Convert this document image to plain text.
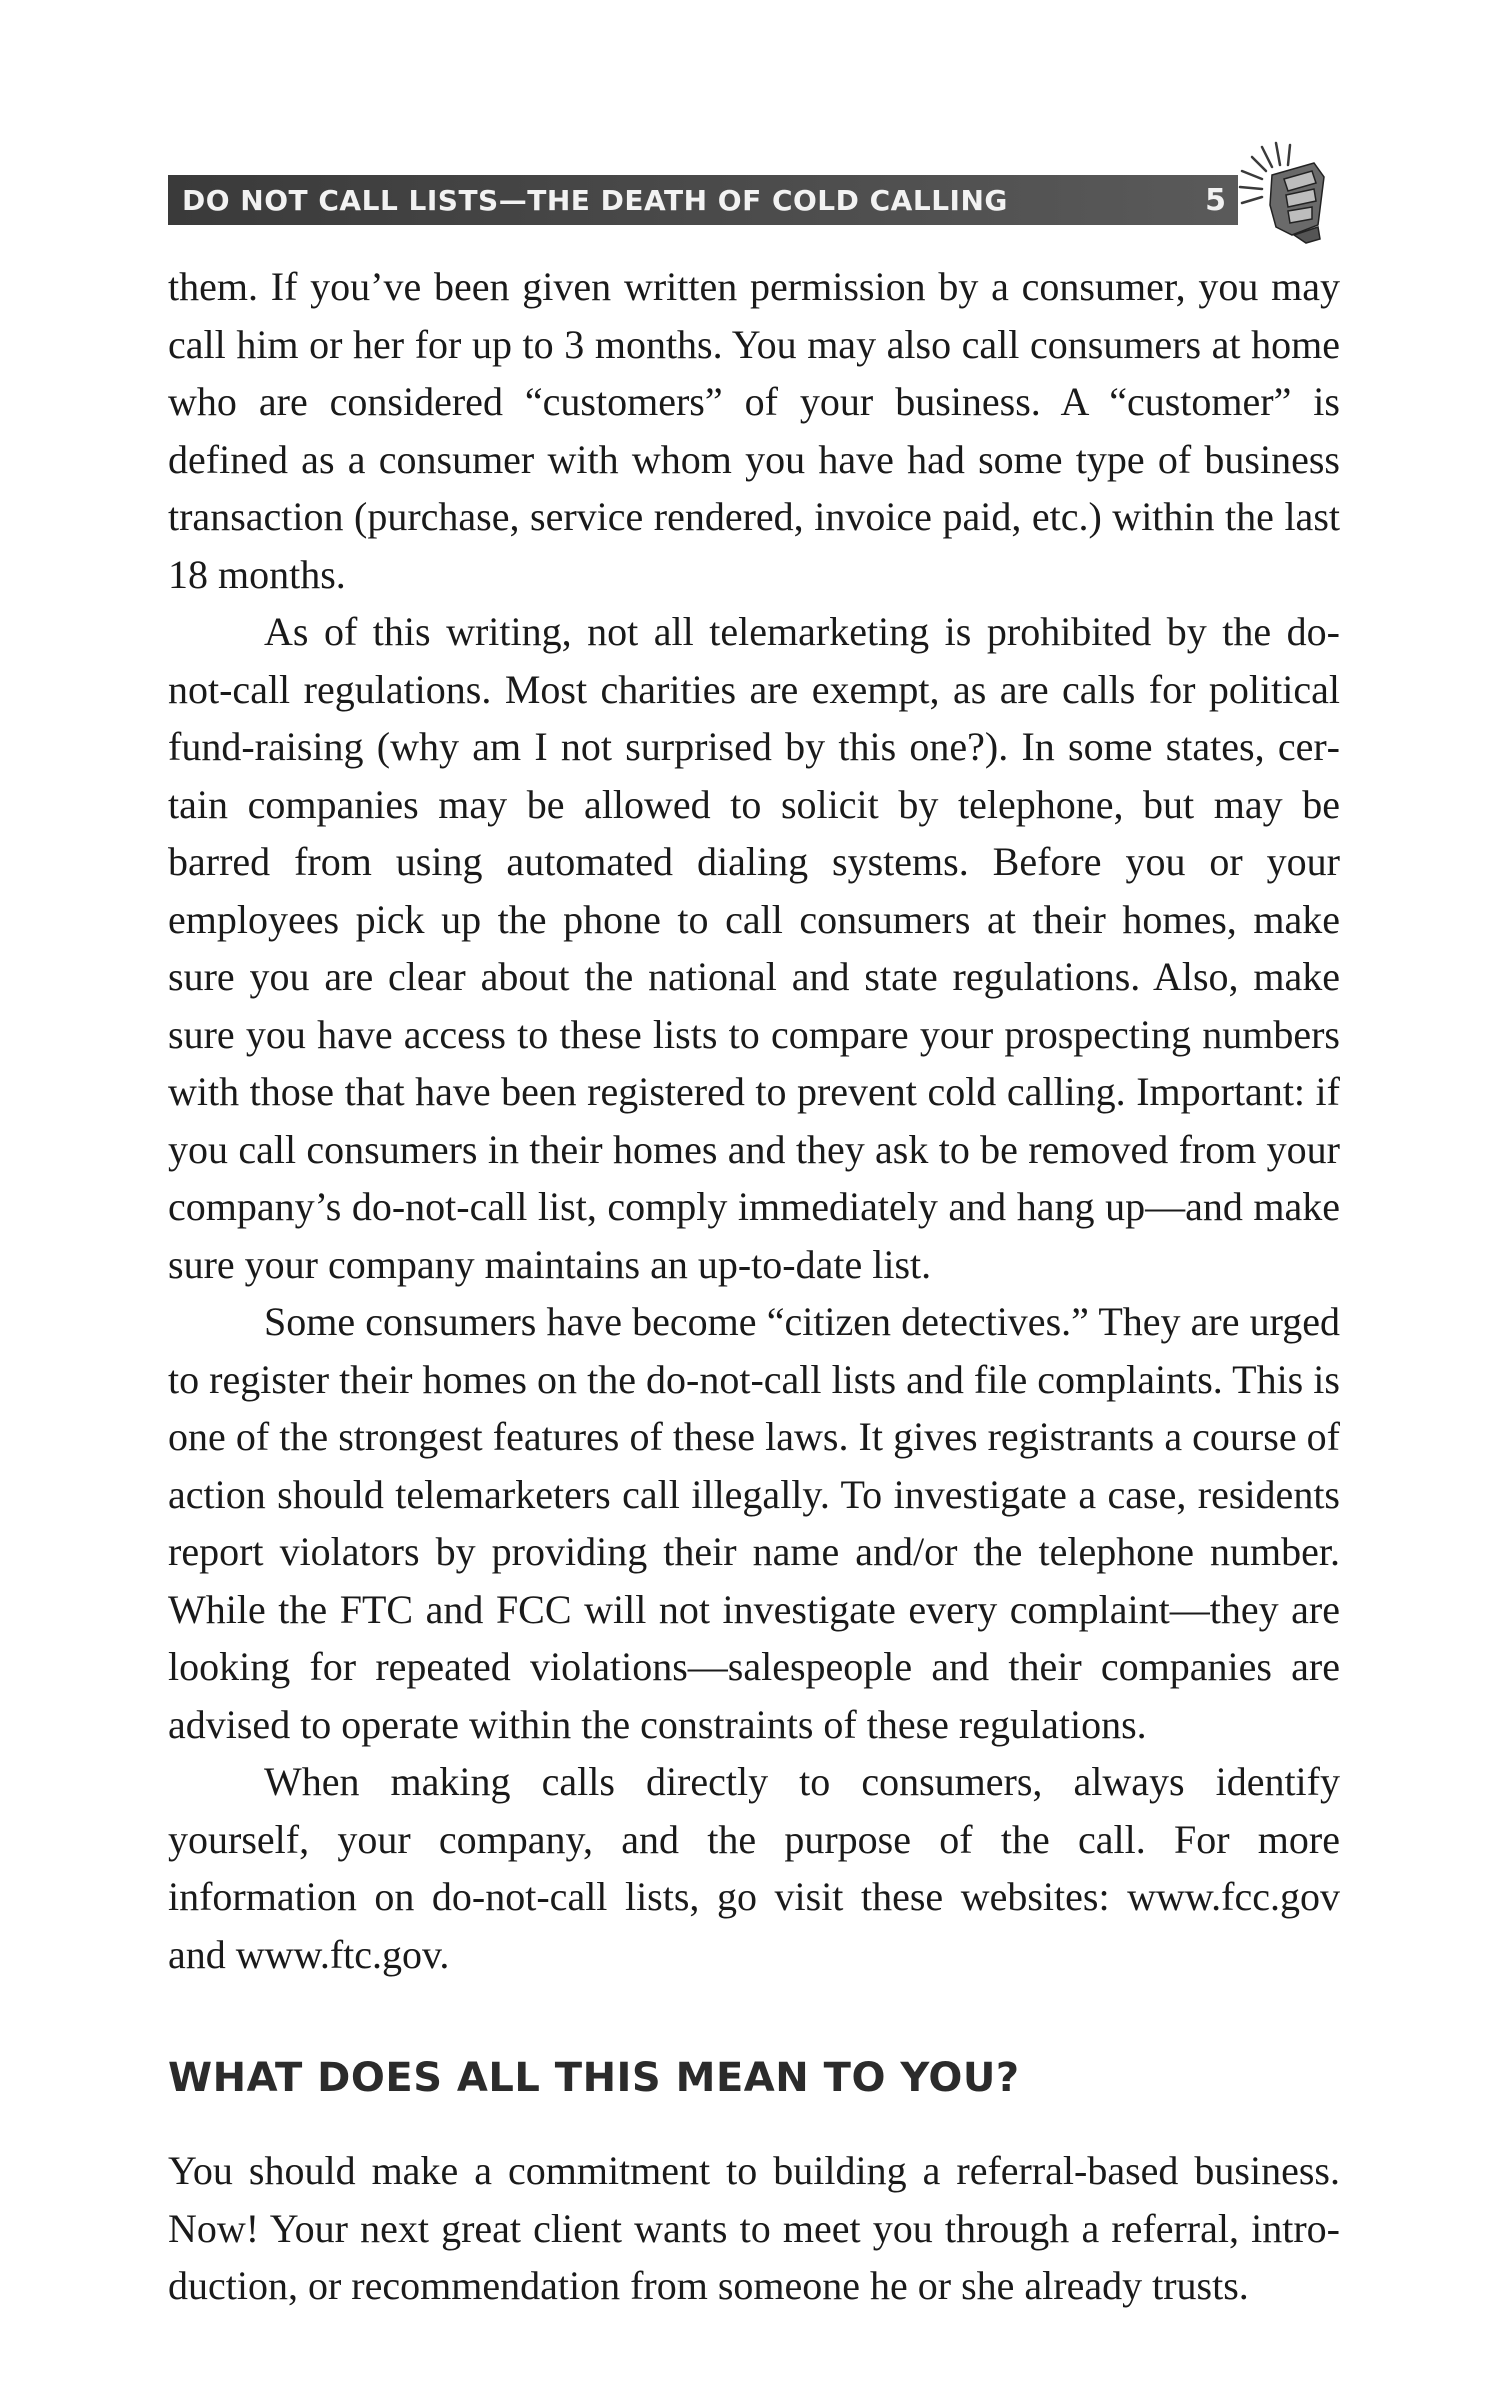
DO NOT CALL LISTS—THE DEATH OF COLD CALLING	5

them. If you’ve been given written permission by a consumer, you may call him or her for up to 3 months. You may also call consumers at home who are considered “customers” of your business. A “customer” is defined as a consumer with whom you have had some type of business transaction (purchase, service rendered, invoice paid, etc.) within the last 18 months.

As of this writing, not all telemarketing is prohibited by the do-not-call regulations. Most charities are exempt, as are calls for political fund-raising (why am I not surprised by this one?). In some states, certain companies may be allowed to solicit by telephone, but may be barred from using automated dialing systems. Before you or your employees pick up the phone to call consumers at their homes, make sure you are clear about the national and state regulations. Also, make sure you have access to these lists to compare your prospecting numbers with those that have been registered to prevent cold calling. Important: if you call consumers in their homes and they ask to be removed from your company’s do-not-call list, comply immediately and hang up—and make sure your company maintains an up-to-date list.

Some consumers have become “citizen detectives.” They are urged to register their homes on the do-not-call lists and file complaints. This is one of the strongest features of these laws. It gives registrants a course of action should telemarketers call illegally. To investigate a case, residents report violators by providing their name and/or the telephone number. While the FTC and FCC will not investigate every complaint—they are looking for repeated violations—salespeople and their companies are advised to operate within the constraints of these regulations.

When making calls directly to consumers, always identify yourself, your company, and the purpose of the call. For more information on do-not-call lists, go visit these websites: www.fcc.gov and www.ftc.gov.

WHAT DOES ALL THIS MEAN TO YOU?

You should make a commitment to building a referral-based business. Now! Your next great client wants to meet you through a referral, introduction, or recommendation from someone he or she already trusts.
